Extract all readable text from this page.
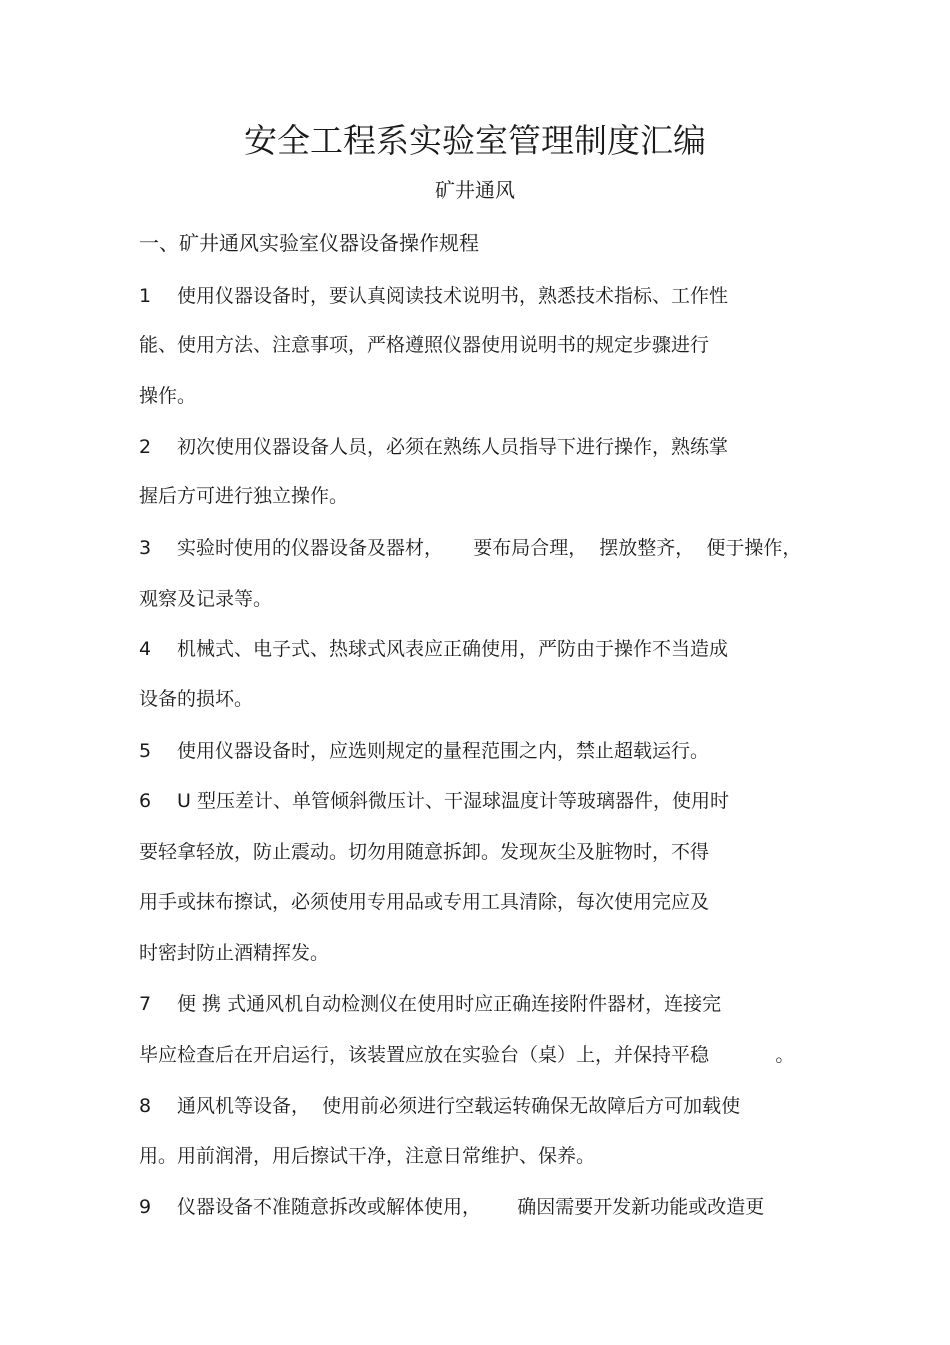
安全工程系实验室管理制度汇编
矿井通风
一、矿井通风实验室仪器设备操作规程
1 使用仪器设备时，要认真阅读技术说明书，熟悉技术指标、工作性
能、使用方法、注意事项，严格遵照仪器使用说明书的规定步骤进行
操作。
2 初次使用仪器设备人员，必须在熟练人员指导下进行操作，熟练掌
握后方可进行独立操作。
3 实验时使用的仪器设备及器材，     要布局合理，  摆放整齐，  便于操作，
观察及记录等。
4 机械式、电子式、热球式风表应正确使用，严防由于操作不当造成
设备的损坏。
5 使用仪器设备时，应选则规定的量程范围之内，禁止超载运行。
6 U 型压差计、单管倾斜微压计、干湿球温度计等玻璃器件，使用时
要轻拿轻放，防止震动。切勿用随意拆卸。发现灰尘及脏物时，不得
用手或抹布擦试，必须使用专用品或专用工具清除，每次使用完应及
时密封防止酒精挥发。
7 便 携 式通风机自动检测仪在使用时应正确连接附件器材，连接完
毕应检查后在开启运行，该装置应放在实验台（桌）上，并保持平稳           。
8 通风机等设备，  使用前必须进行空载运转确保无故障后方可加载使
用。用前润滑，用后擦试干净，注意日常维护、保养。
9 仪器设备不准随意拆改或解体使用，      确因需要开发新功能或改造更
